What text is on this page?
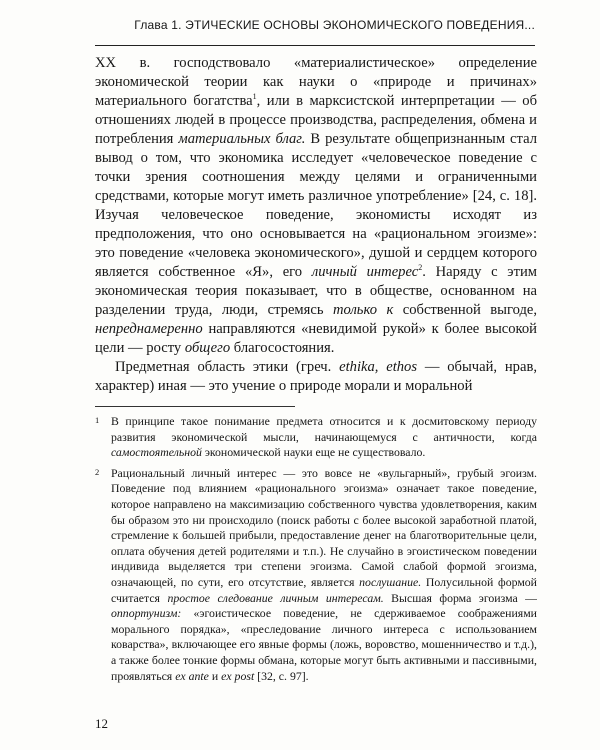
Глава 1. ЭТИЧЕСКИЕ ОСНОВЫ ЭКОНОМИЧЕСКОГО ПОВЕДЕНИЯ...

XX в. господствовало «материалистическое» определение экономической теории как науки о «природе и причинах» материального богатства$^1$, или в марксистской интерпретации — об отношениях людей в процессе производства, распределения, обмена и потребления материальных благ. В результате общепризнанным стал вывод о том, что экономика исследует «человеческое поведение с точки зрения соотношения между целями и ограниченными средствами, которые могут иметь различное употребление» [24, с. 18]. Изучая человеческое поведение, экономисты исходят из предположения, что оно основывается на «рациональном эгоизме»: это поведение «человека экономического», душой и сердцем которого является собственное «Я», его личный интерес$^2$. Наряду с этим экономическая теория показывает, что в обществе, основанном на разделении труда, люди, стремясь только к собственной выгоде, непреднамеренно направляются «невидимой рукой» к более высокой цели — росту общего благосостояния.

Предметная область этики (греч. ethika, ethos — обычай, нрав, характер) иная — это учение о природе морали и моральной

1 В принципе такое понимание предмета относится и к досмитовскому периоду развития экономической мысли, начинающемуся с античности, когда самостоятельной экономической науки еще не существовало.
2 Рациональный личный интерес — это вовсе не «вульгарный», грубый эгоизм. Поведение под влиянием «рационального эгоизма» означает такое поведение, которое направлено на максимизацию собственного чувства удовлетворения, каким бы образом это ни происходило (поиск работы с более высокой заработной платой, стремление к большей прибыли, предоставление денег на благотворительные цели, оплата обучения детей родителями и т.п.). Не случайно в эгоистическом поведении индивида выделяется три степени эгоизма. Самой слабой формой эгоизма, означающей, по сути, его отсутствие, является послушание. Полусильной формой считается простое следование личным интересам. Высшая форма эгоизма — оппортунизм: «эгоистическое поведение, не сдерживаемое соображениями морального порядка», «преследование личного интереса с использованием коварства», включающее его явные формы (ложь, воровство, мошенничество и т.д.), а также более тонкие формы обмана, которые могут быть активными и пассивными, проявляться ex ante и ex post [32, с. 97].
12
